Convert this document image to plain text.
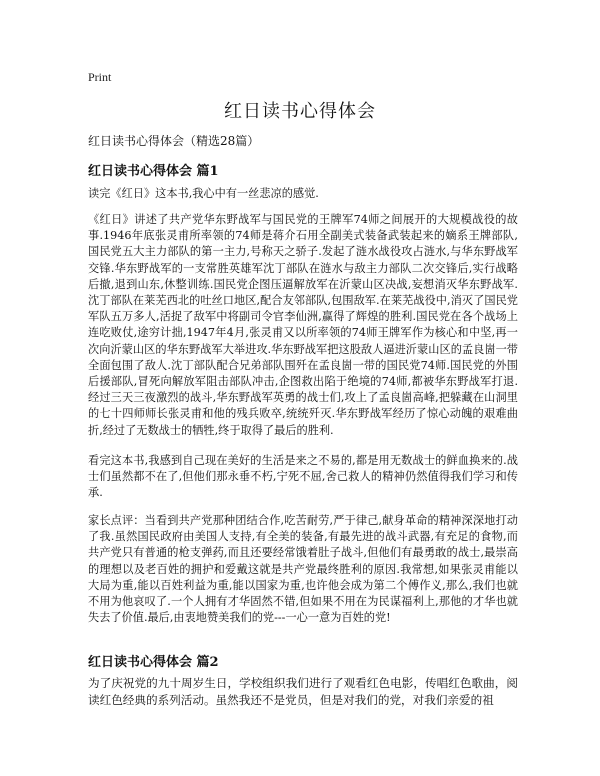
Print
红日读书心得体会
红日读书心得体会（精选28篇）
红日读书心得体会 篇1

读完《红日》这本书,我心中有一丝悲凉的感觉.

《红日》讲述了共产党华东野战军与国民党的王牌军74师之间展开的大规模战役的故事.1946年底张灵甫所率领的74师是蒋介石用全副美式装备武装起来的嫡系王牌部队,国民党五大主力部队的第一主力,号称天之骄子.发起了涟水战役攻占涟水,与华东野战军交锋.华东野战军的一支常胜英雄军沈丁部队在涟水与敌主力部队二次交锋后,实行战略后撤,退到山东,休整训练.国民党企图压逼解放军在沂蒙山区决战,妄想消灭华东野战军.沈丁部队在莱芜西北的吐丝口地区,配合友邻部队,包围敌军.在莱芜战役中,消灭了国民党军队五万多人,活捉了敌军中将副司令官李仙洲,赢得了辉煌的胜利.国民党在各个战场上连吃败仗,途穷计拙,1947年4月,张灵甫又以所率领的74师王牌军作为核心和中坚,再一次向沂蒙山区的华东野战军大举进攻.华东野战军把这股敌人逼进沂蒙山区的孟良崮一带全面包围了敌人.沈丁部队配合兄弟部队围歼在孟良崮一带的国民党74师.国民党的外围后援部队,冒死向解放军阻击部队冲击,企图救出陷于绝境的74师,都被华东野战军打退.经过三天三夜激烈的战斗,华东野战军英勇的战士们,攻上了孟良崮高峰,把躲藏在山洞里的七十四师师长张灵甫和他的残兵败卒,统统歼灭.华东野战军经历了惊心动魄的艰难曲折,经过了无数战士的牺牲,终于取得了最后的胜利.

看完这本书,我感到自己现在美好的生活是来之不易的,都是用无数战士的鲜血换来的.战士们虽然都不在了,但他们那永垂不朽,宁死不屈,舍己救人的精神仍然值得我们学习和传承.

家长点评：当看到共产党那种团结合作,吃苦耐劳,严于律己,献身革命的精神深深地打动了我.虽然国民政府由美国人支持,有全美的装备,有最先进的战斗武器,有充足的食物,而共产党只有普通的枪支弹药,而且还要经常饿着肚子战斗,但他们有最勇敢的战士,最崇高的理想以及老百姓的拥护和爱戴这就是共产党最终胜利的原因.我常想,如果张灵甫能以大局为重,能以百姓利益为重,能以国家为重,也许他会成为第二个傅作义,那么,我们也就不用为他哀叹了.一个人拥有才华固然不错,但如果不用在为民谋福利上,那他的才华也就失去了价值.最后,由衷地赞美我们的党---一心一意为百姓的党!

红日读书心得体会 篇2

为了庆祝党的九十周岁生日，学校组织我们进行了观看红色电影，传唱红色歌曲，阅读红色经典的系列活动。虽然我还不是党员，但是对我们的党，对我们亲爱的祖
